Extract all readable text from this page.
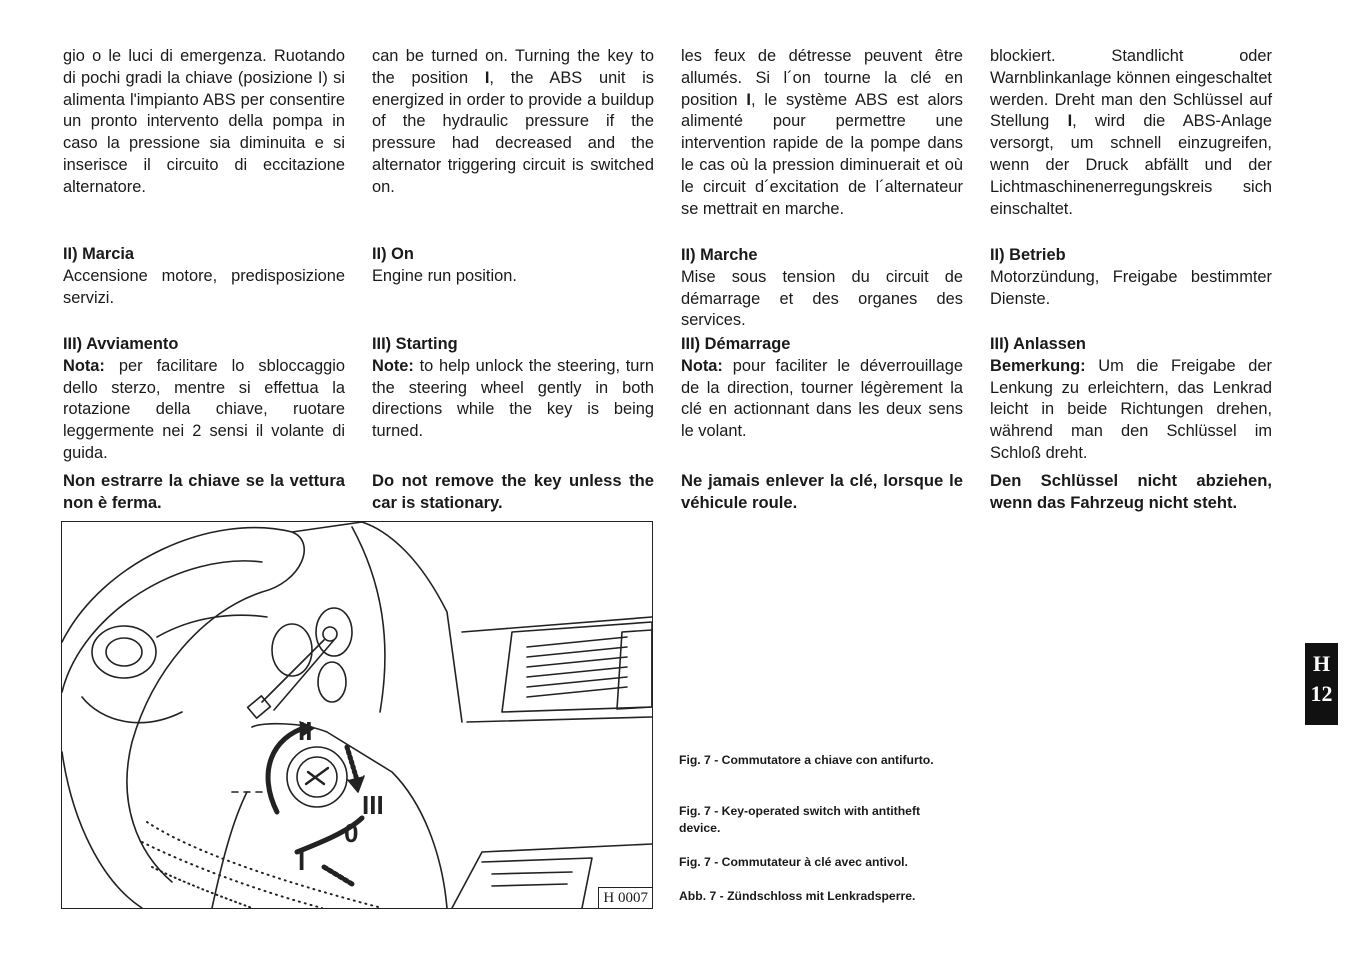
gio o le luci di emergenza. Ruotando di pochi gradi la chiave (posizione I) si alimenta l'impianto ABS per consentire un pronto intervento della pompa in caso la pressione sia diminuita e si inserisce il circuito di eccitazione alternatore.

II) Marcia

Accensione motore, predisposizione servizi.

III) Avviamento

Nota: per facilitare lo sbloccaggio dello sterzo, mentre si effettua la rotazione della chiave, ruotare leggermente nei 2 sensi il volante di guida.

Non estrarre la chiave se la vettura non è ferma.

can be turned on. Turning the key to the position I, the ABS unit is energized in order to provide a buildup of the hydraulic pressure if the pressure had decreased and the alternator triggering circuit is switched on.

II) On

Engine run position.

III) Starting

Note: to help unlock the steering, turn the steering wheel gently in both directions while the key is being turned.

Do not remove the key unless the car is stationary.

les feux de détresse peuvent être allumés. Si l´on tourne la clé en position I, le système ABS est alors alimenté pour permettre une intervention rapide de la pompe dans le cas où la pression diminuerait et où le circuit d´excitation de l´alternateur se mettrait en marche.

II) Marche

Mise sous tension du circuit de démarrage et des organes des services.

III) Démarrage

Nota: pour faciliter le déverrouillage de la direction, tourner légèrement la clé en actionnant dans les deux sens le volant.

Ne jamais enlever la clé, lorsque le véhicule roule.

blockiert. Standlicht oder Warnblinkanlage können eingeschaltet werden. Dreht man den Schlüssel auf Stellung I, wird die ABS-Anlage versorgt, um schnell einzugreifen, wenn der Druck abfällt und der Lichtmaschinenerregungskreis sich einschaltet.

II) Betrieb

Motorzündung, Freigabe bestimmter Dienste.

III) Anlassen

Bemerkung: Um die Freigabe der Lenkung zu erleichtern, das Lenkrad leicht in beide Richtungen drehen, während man den Schlüssel im Schloß dreht.

Den Schlüssel nicht abziehen, wenn das Fahrzeug nicht steht.

II
III
0
I
H 0007

Fig. 7 - Commutatore a chiave con antifurto.

Fig. 7 - Key-operated switch with antitheft device.

Fig. 7 - Commutateur à clé avec antivol.

Abb. 7 - Zündschloss mit Lenkradsperre.

H
12
